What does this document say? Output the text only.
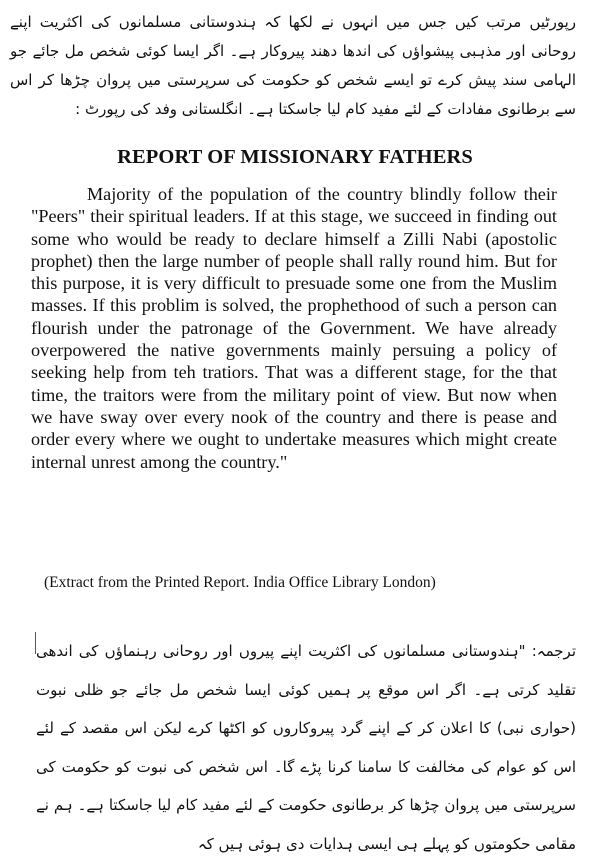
رپورٹیں مرتب کیں جس میں انہوں نے لکھا کہ ہندوستانی مسلمانوں کی اکثریت اپنے روحانی اور مذہبی پیشواؤں کی اندھا دھند پیروکار ہے۔ اگر ایسا کوئی شخص مل جائے جو الہامی سند پیش کرے تو ایسے شخص کو حکومت کی سرپرستی میں پروان چڑھا کر اس سے برطانوی مفادات کے لئے مفید کام لیا جاسکتا ہے۔ انگلستانی وفد کی رپورٹ :
REPORT OF MISSIONARY FATHERS
Majority of the population of the country blindly follow their "Peers" their spiritual leaders. If at this stage, we succeed in finding out some who would be ready to declare himself a Zilli Nabi (apostolic prophet) then the large number of people shall rally round him. But for this purpose, it is very difficult to presuade some one from the Muslim masses. If this problim is solved, the prophethood of such a person can flourish under the patronage of the Government. We have already overpowered the native governments mainly persuing a policy of seeking help from teh tratiors. That was a different stage, for the that time, the traitors were from the military point of view. But now when we have sway over every nook of the country and there is pease and order every where we ought to undertake measures which might create internal unrest among the country."
(Extract from the Printed Report. India Office Library London)
ترجمہ: "ہندوستانی مسلمانوں کی اکثریت اپنے پیروں اور روحانی رہنماؤں کی اندھی تقلید کرتی ہے۔ اگر اس موقع پر ہمیں کوئی ایسا شخص مل جائے جو ظلی نبوت (حواری نبی) کا اعلان کر کے اپنے گرد پیروکاروں کو اکٹھا کرے لیکن اس مقصد کے لئے اس کو عوام کی مخالفت کا سامنا کرنا پڑے گا۔ اس شخص کی نبوت کو حکومت کی سرپرستی میں پروان چڑھا کر برطانوی حکومت کے لئے مفید کام لیا جاسکتا ہے۔ ہم نے مقامی حکومتوں کو پہلے ہی ایسی ہدایات دی ہوئی ہیں کہ
